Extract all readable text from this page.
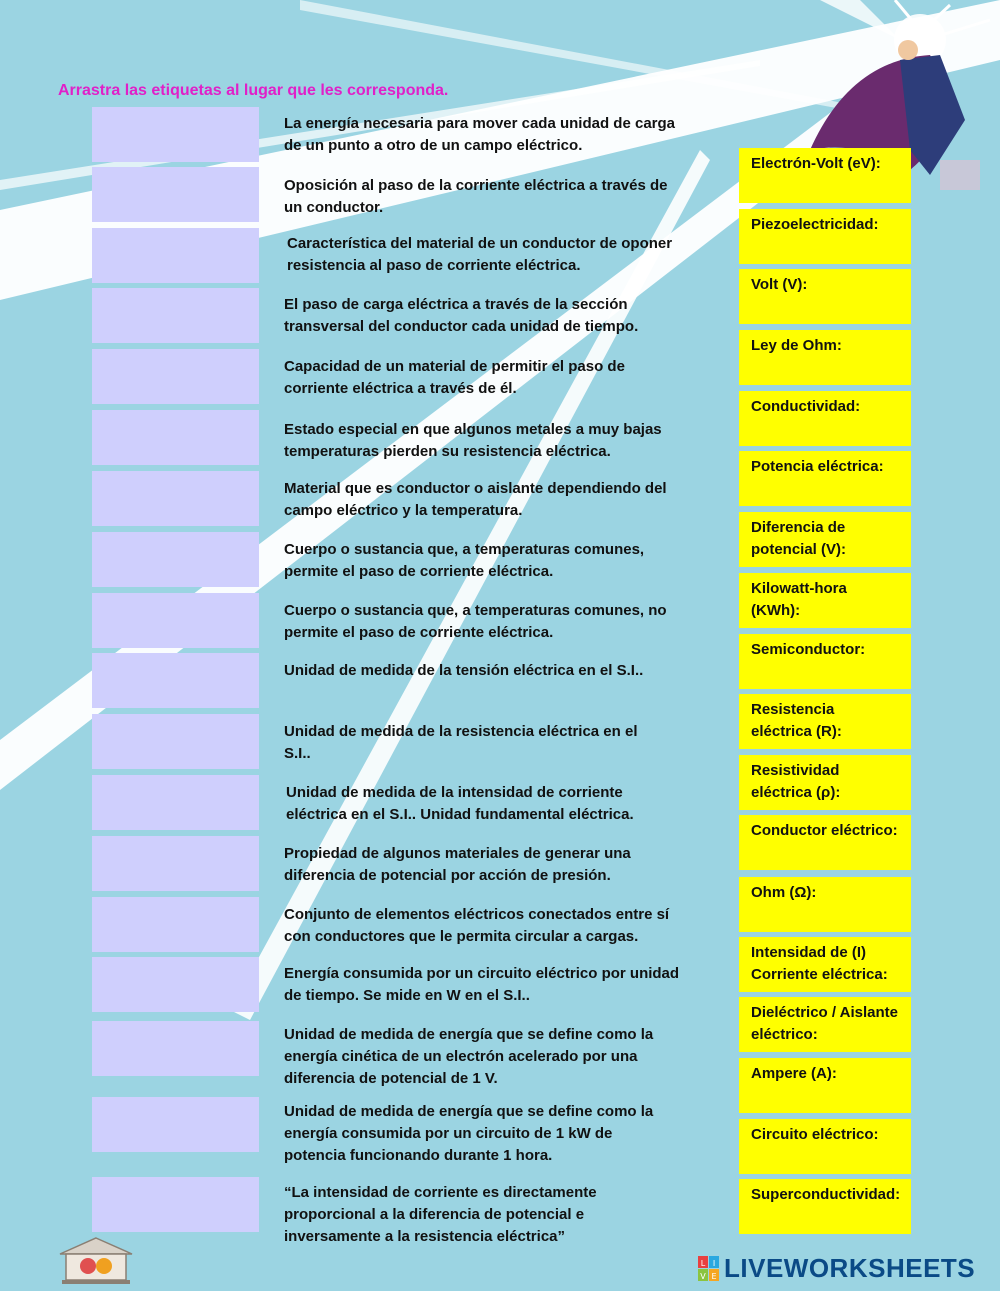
Arrastra las etiquetas al lugar que les corresponda.
La energía necesaria para mover cada unidad de carga de un punto a otro de un campo eléctrico.
Oposición al paso de la corriente eléctrica a través de un conductor.
Característica del material de un conductor de oponer resistencia al paso de corriente eléctrica.
El paso de carga eléctrica a través de la sección transversal del conductor cada unidad de tiempo.
Capacidad de un material de permitir el paso de corriente eléctrica a través de él.
Estado especial en que algunos metales a muy bajas temperaturas pierden su resistencia eléctrica.
Material que es conductor o aislante dependiendo del campo eléctrico y la temperatura.
Cuerpo o sustancia que, a temperaturas comunes, permite el paso de corriente eléctrica.
Cuerpo o sustancia que, a temperaturas comunes, no permite el paso de corriente eléctrica.
Unidad de medida de la tensión eléctrica en el S.I..
Unidad de medida de la resistencia eléctrica en el S.I..
Unidad de medida de la intensidad de corriente eléctrica en el S.I.. Unidad fundamental eléctrica.
Propiedad de algunos materiales de generar una diferencia de potencial por acción de presión.
Conjunto de elementos eléctricos conectados entre sí con conductores que le permita circular a cargas.
Energía consumida por un circuito eléctrico por unidad de tiempo. Se mide en W en el S.I..
Unidad de medida de energía que se define como la energía cinética de un electrón acelerado por una diferencia de potencial de 1 V.
Unidad de medida de energía que se define como la energía consumida por un circuito de 1 kW de potencia funcionando durante 1 hora.
“La intensidad de corriente es directamente proporcional a la diferencia de potencial e inversamente a la resistencia eléctrica”
Electrón-Volt (eV):
Piezoelectricidad:
Volt (V):
Ley de Ohm:
Conductividad:
Potencia eléctrica:
Diferencia de potencial (V):
Kilowatt-hora (KWh):
Semiconductor:
Resistencia eléctrica (R):
Resistividad eléctrica (ρ):
Conductor eléctrico:
Ohm (Ω):
Intensidad de (I) Corriente eléctrica:
Dieléctrico / Aislante eléctrico:
Ampere (A):
Circuito eléctrico:
Superconductividad:
L I
V E LIVEWORKSHEETS
